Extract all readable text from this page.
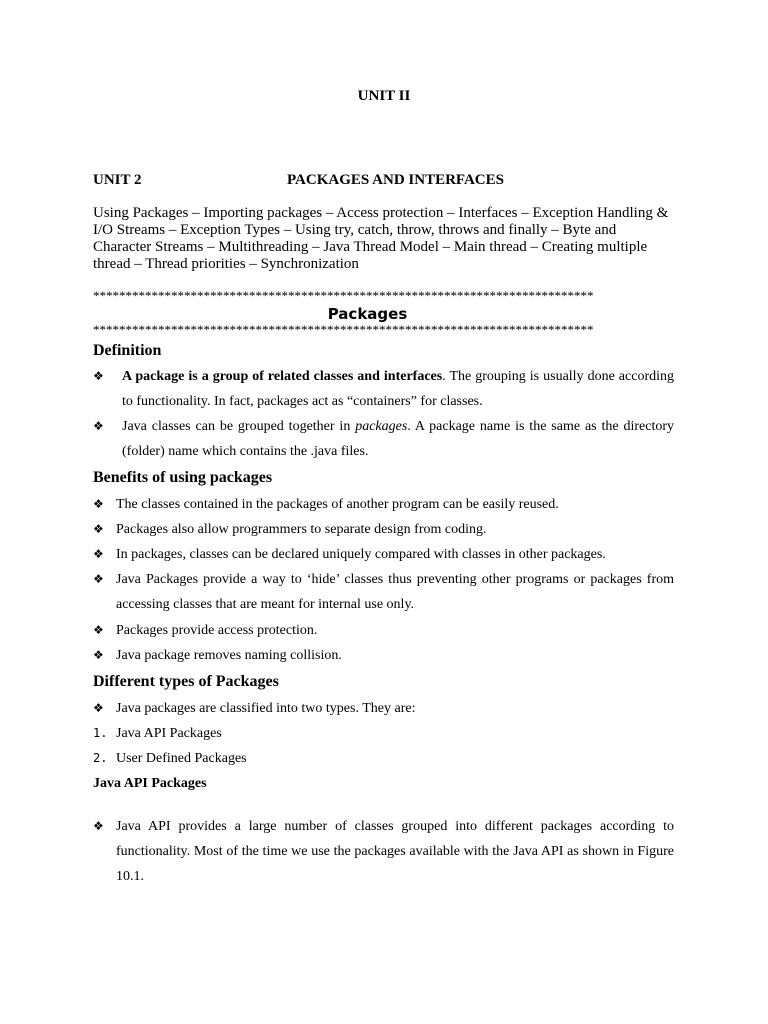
UNIT II
UNIT 2	PACKAGES AND INTERFACES
Using Packages – Importing packages – Access protection – Interfaces – Exception Handling & I/O Streams – Exception Types – Using try, catch, throw, throws and finally – Byte and Character Streams – Multithreading – Java Thread Model – Main thread – Creating multiple thread – Thread priorities – Synchronization
*****************************************************************************
Packages
*****************************************************************************
Definition
❖	A package is a group of related classes and interfaces. The grouping is usually done according to functionality. In fact, packages act as “containers” for classes.
❖	Java classes can be grouped together in packages. A package name is the same as the directory (folder) name which contains the .java files.
Benefits of using packages
❖ The classes contained in the packages of another program can be easily reused.
❖ Packages also allow programmers to separate design from coding.
❖ In packages, classes can be declared uniquely compared with classes in other packages.
❖ Java Packages provide a way to ‘hide’ classes thus preventing other programs or packages from accessing classes that are meant for internal use only.
❖ Packages provide access protection.
❖ Java package removes naming collision.
Different types of Packages
❖ Java packages are classified into two types. They are:
1. Java API Packages
2. User Defined Packages
Java API Packages
❖ Java API provides a large number of classes grouped into different packages according to functionality. Most of the time we use the packages available with the Java API as shown in Figure 10.1.
